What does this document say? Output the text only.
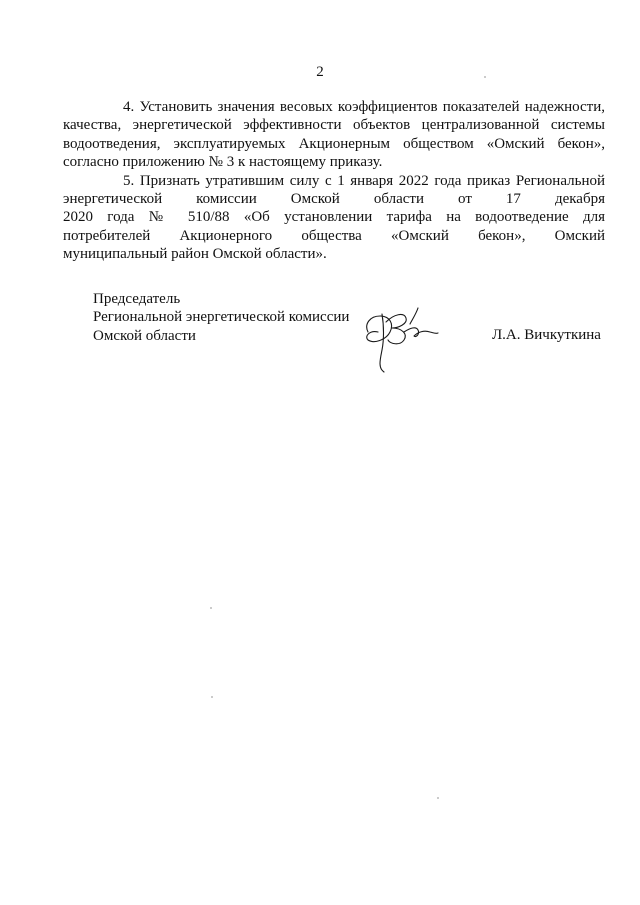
2

4. Установить значения весовых коэффициентов показателей надежности,
качества, энергетической эффективности объектов централизованной системы
водоотведения, эксплуатируемых Акционерным обществом «Омский бекон»,
согласно приложению № 3 к настоящему приказу.

5. Признать утратившим силу с 1 января 2022 года приказ Региональной
энергетической комиссии Омской области от 17 декабря
2020 года № 510/88 «Об установлении тарифа на водоотведение для
потребителей Акционерного общества «Омский бекон», Омский
муниципальный район Омской области».

Председатель
Региональной энергетической комиссии
Омской области	Л.А. Вичкуткина
